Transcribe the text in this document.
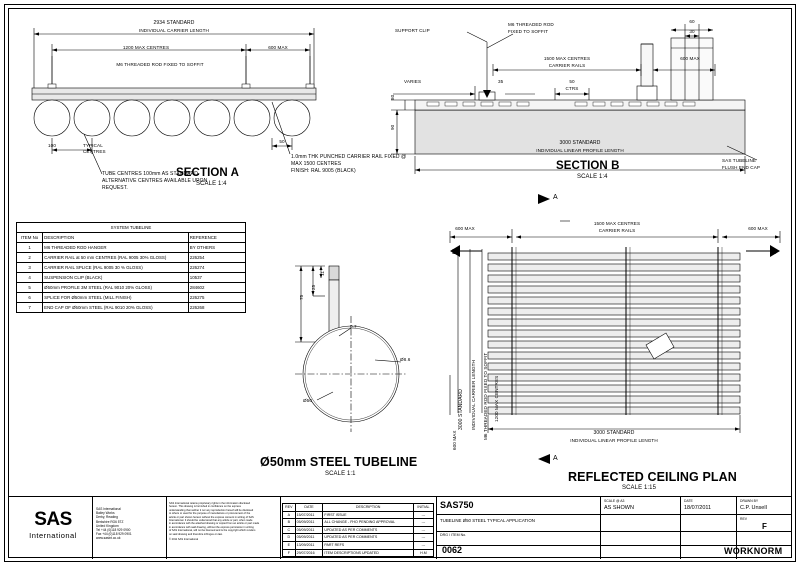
2934 STANDARD
INDIVIDUAL CARRIER LENGTH
1200 MAX CENTRES	600 MAX
M6 THREADED ROD FIXED TO SOFFIT
100	TYPICAL
CENTRES
50
SECTION A
SCALE 1:4
1.0mm THK PUNCHED CARRIER RAIL FIXED @
MAX 1500 CENTRES
FINISH: RAL 9005 (BLACK)
TUBE CENTRES 100mm AS STANDARD.
ALTERNATIVE CENTRES AVAILABLE UPON
REQUEST.
SYSTEM TUBELINE		
ITEM No	DESCRIPTION	REFERENCE
1	M6 THREADED ROD HANGER	BY OTHERS
2	CARRIER RAIL at 50 mm CENTRES (RAL 9005 30% GLOSS)	226254
3	CARRIER RAIL SPLICE (RAL 9005 30 % GLOSS)	226274
4	SUSPENSION CLIP (BLACK)	10537
5	Ø50mm PROFILE 3M STEEL (RAL 9010 20% GLOSS)	284602
6	SPLICE FOR Ø50mm STEEL (MILL FINISH)	226275
7	END CAP OF Ø50mm STEEL (RAL 9010 20% GLOSS)	226268
75
25
11
0.7
Ø8.6
Ø50
Ø50mm STEEL TUBELINE
SCALE 1:1
SUPPORT CLIP
M6 THREADED ROD
FIXED TO SOFFIT
1500 MAX CENTRES
CARRIER RAILS
600 MAX
VARIES	35	50
CTRS
60
30
80
90
3000 STANDARD
INDIVIDUAL LINEAR PROFILE LENGTH
SAS TUBELINE
FLUSH END CAP
SECTION B
SCALE 1:4
600 MAX
1500 MAX CENTRES
CARRIER RAILS	600 MAX
3000 STANDARD INDIVIDUAL CARRIER LENGTH M6 THREADED ROD FIXED TO SOFFIT 1200 MAX CENTRES
600 MAX	3000 STANDARD
INDIVIDUAL LINEAR PROFILE LENGTH
B	B
A
A
REFLECTED CEILING PLAN
SCALE 1:15
SAS
International
SAS International
Bailey Works
Derby, Reading
Berkshire RG6 5TZ
United Kingdom
Tel +44 (0)118 929 0900
Fax +44 (0)118 929 0901
www.sasint.co.uk
SAS International retains proprietary rights in the information disclosed
hereon. This drawing is furnished in confidence on the express
understanding that neither it nor any reproduction hereof will be disclosed
to others or used for the purpose of manufacture or procurement of the
article or part shown hereon without the express consent in writing of SAS
International. It should be understood that any article or part, when made
in accordance with the attached drawing or copied from an article or part made
in accordance with said drawing, without the express permission in writing
of SAS International, will not be licensed and is the copyright which renders
on said drawing and therefore infringes on law.
© 2011 SAS International
REV	DATE	DESCRIPTION	INITIAL
A	15/07/2011	FIRST ISSUE	---
B	05/09/2011	ALL CHANGE - FHO PENDING APPROVAL	---
C	05/09/2011	UPDATED AS PER COMMENTS	---
D	05/09/2011	UPDATED AS PER COMMENTS	---
E	13/09/2011	PART REFS	---
F	29/07/2016	ITEM DESCRIPTIONS UPDATED	H.M
SAS750
TUBELINE Ø50 STEEL TYPICAL APPLICATION
DRG / ITEM No.
0062
SCALE @ A3
AS SHOWN
DATE
18/07/2011
DRAWN BY
C.P. Unsell
REV
F
WORKNORM
